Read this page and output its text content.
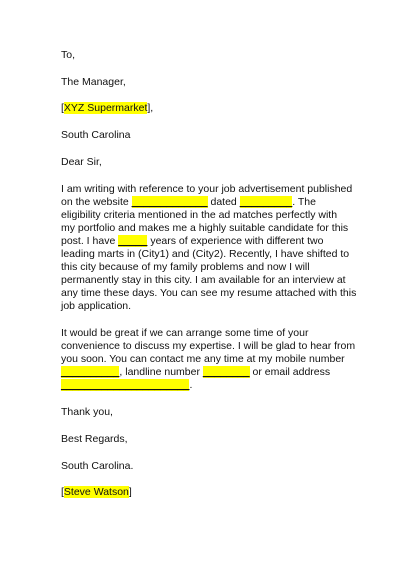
To,
The Manager,
[XYZ Supermarket],
South Carolina
Dear Sir,
I am writing with reference to your job advertisement published
on the website _____________ dated _________. The
eligibility criteria mentioned in the ad matches perfectly with
my portfolio and makes me a highly suitable candidate for this
post. I have _____ years of experience with different two
leading marts in (City1) and (City2). Recently, I have shifted to
this city because of my family problems and now I will
permanently stay in this city. I am available for an interview at
any time these days. You can see my resume attached with this
job application.
It would be great if we can arrange some time of your
convenience to discuss my expertise. I will be glad to hear from
you soon. You can contact me any time at my mobile number
__________, landline number ________ or email address
______________________.
Thank you,
Best Regards,
South Carolina.
[Steve Watson]
